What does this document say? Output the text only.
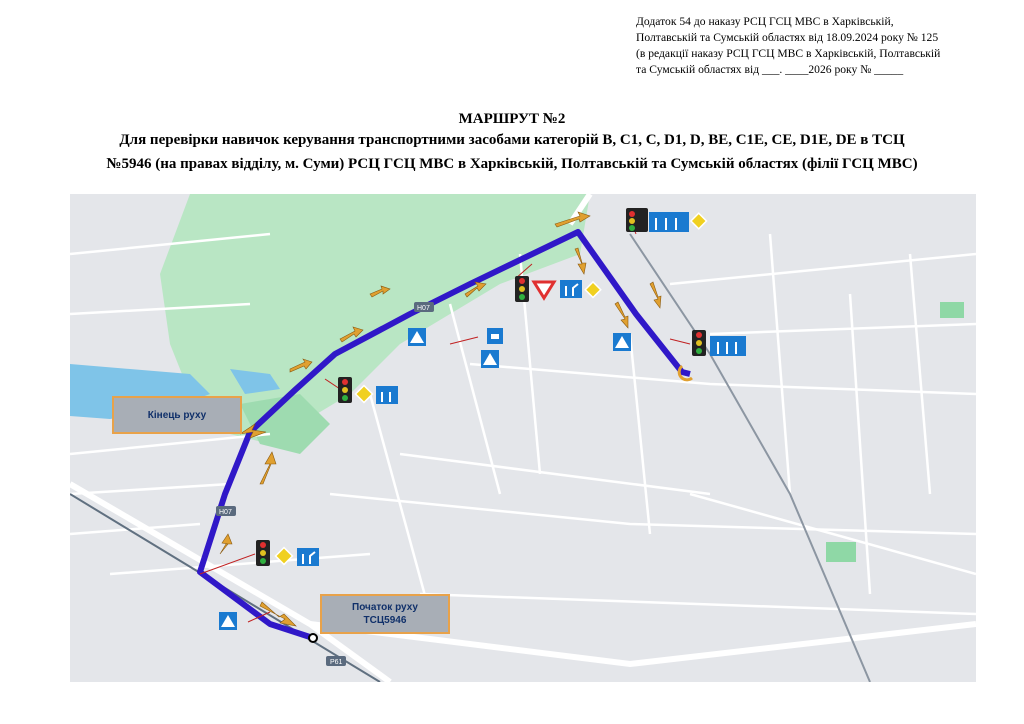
Додаток 54 до наказу РСЦ ГСЦ МВС в Харківській,
Полтавській та Сумській областях від 18.09.2024 року № 125
(в редакції наказу РСЦ ГСЦ МВС в Харківській, Полтавській
та Сумській областях від ___. ____2026 року № _____
МАРШРУТ №2
Для перевірки навичок керування транспортними засобами категорій B, C1, C, D1, D, BE, C1E, CE, D1E, DE в ТСЦ
№5946 (на правах відділу, м. Суми) РСЦ ГСЦ МВС в Харківській, Полтавській та Сумській областях (філії ГСЦ МВС)
H07
H07
P61
Кінець руху
Початок руху
ТСЦ5946
